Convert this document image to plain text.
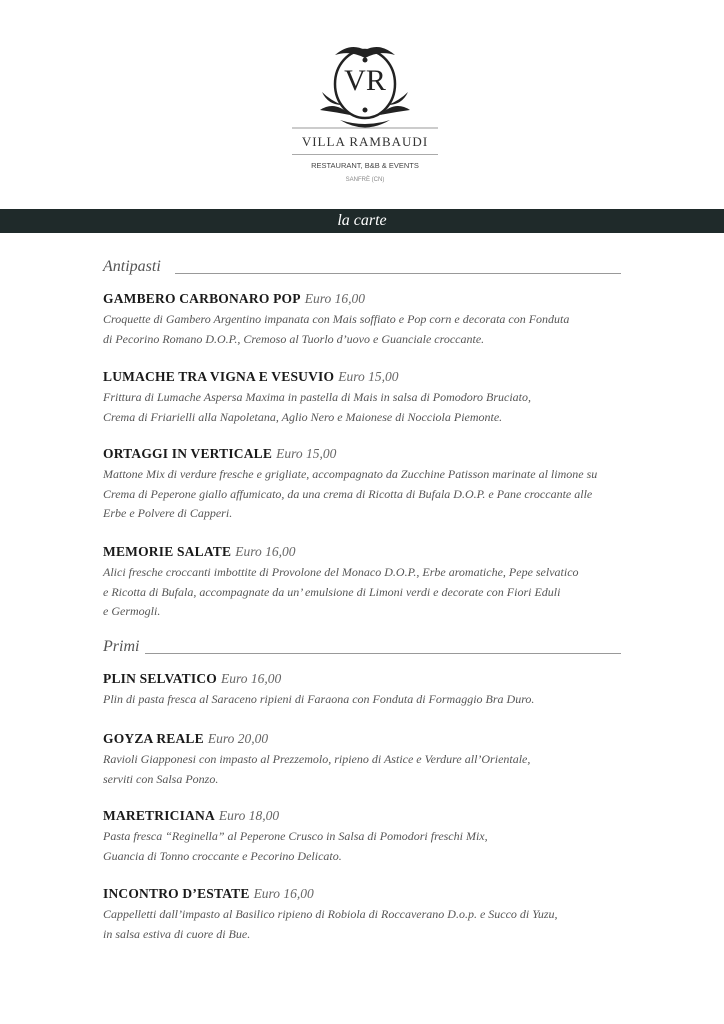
VR
VILLA RAMBAUDI
RESTAURANT, B&B & EVENTS
SANFRÈ (CN)
la carte
Antipasti
Primi
GAMBERO CARBONARO POP Euro 16,00
Croquette di Gambero Argentino impanata con Mais soffiato e Pop corn e decorata con Fonduta
di Pecorino Romano D.O.P., Cremoso al Tuorlo d’uovo e Guanciale croccante.
LUMACHE TRA VIGNA E VESUVIO Euro 15,00
Frittura di Lumache Aspersa Maxima in pastella di Mais in salsa di Pomodoro Bruciato,
Crema di Friarielli alla Napoletana, Aglio Nero e Maionese di Nocciola Piemonte.
ORTAGGI IN VERTICALE Euro 15,00
Mattone Mix di verdure fresche e grigliate, accompagnato da Zucchine Patisson marinate al limone su
Crema di Peperone giallo affumicato, da una crema di Ricotta di Bufala D.O.P. e Pane croccante alle
Erbe e Polvere di Capperi.
MEMORIE SALATE Euro 16,00
Alici fresche croccanti imbottite di Provolone del Monaco D.O.P., Erbe aromatiche, Pepe selvatico
e Ricotta di Bufala, accompagnate da un’ emulsione di Limoni verdi e decorate con Fiori Eduli
e Germogli.
PLIN SELVATICO Euro 16,00
Plin di pasta fresca al Saraceno ripieni di Faraona con Fonduta di Formaggio Bra Duro.
GOYZA REALE Euro 20,00
Ravioli Giapponesi con impasto al Prezzemolo, ripieno di Astice e Verdure all’Orientale,
serviti con Salsa Ponzo.
MARETRICIANA Euro 18,00
Pasta fresca “Reginella” al Peperone Crusco in Salsa di Pomodori freschi Mix,
Guancia di Tonno croccante e Pecorino Delicato.
INCONTRO D’ESTATE Euro 16,00
Cappelletti dall’impasto al Basilico ripieno di Robiola di Roccaverano D.o.p. e Succo di Yuzu,
in salsa estiva di cuore di Bue.
